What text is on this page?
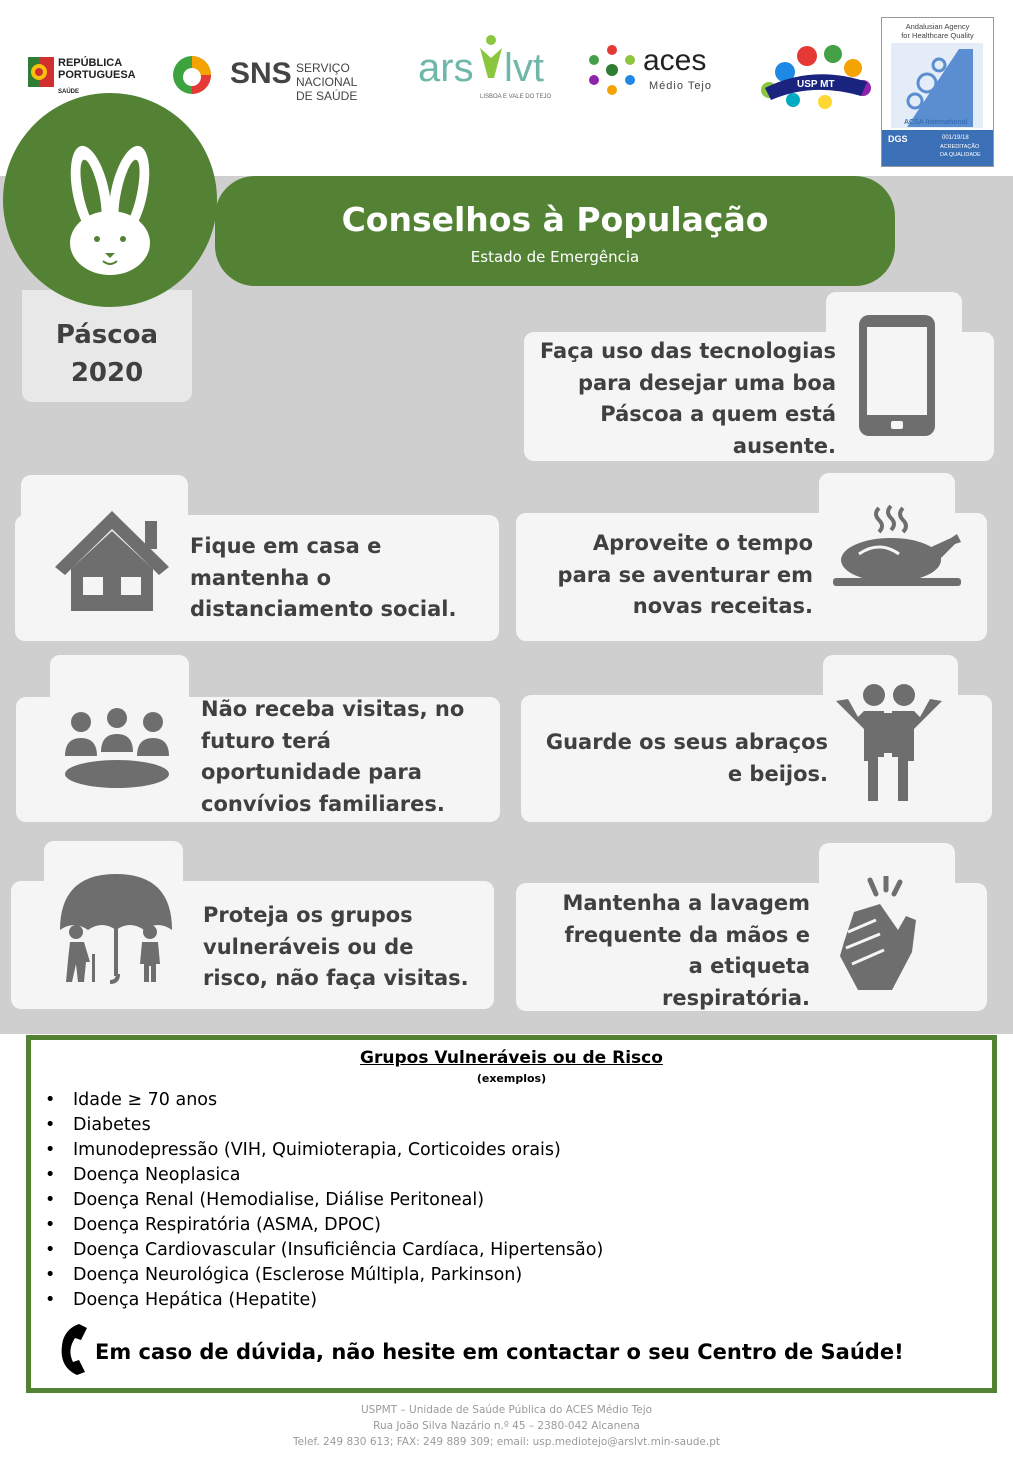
REPÚBLICA
PORTUGUESA
SAÚDE
SNS SERVIÇO NACIONAL
DE SAÚDE
ars lvt
LISBOA E VALE DO TEJO
aces
Médio Tejo	USP MT
Andalusian Agency
for Healthcare Quality
ACSA International
DGS	001/19/18
ACREDITAÇÃO
DA QUALIDADE
Páscoa
2020
Conselhos à População
Estado de Emergência
Faça uso das tecnologias
para desejar uma boa
Páscoa a quem está
ausente.
Fique em casa e
mantenha o
distanciamento social.
Aproveite o tempo
para se aventurar em
novas receitas.
Não receba visitas, no
futuro terá
oportunidade para
convívios familiares.
Guarde os seus abraços
e beijos.
Proteja os grupos
vulneráveis ou de
risco, não faça visitas.
Mantenha a lavagem
frequente da mãos e
a etiqueta
respiratória.
Grupos Vulneráveis ou de Risco
(exemplos)
• Idade ≥ 70 anos
• Diabetes
• Imunodepressão (VIH, Quimioterapia, Corticoides orais)
• Doença Neoplasica
• Doença Renal (Hemodialise, Diálise Peritoneal)
• Doença Respiratória (ASMA, DPOC)
• Doença Cardiovascular (Insuficiência Cardíaca, Hipertensão)
• Doença Neurológica (Esclerose Múltipla, Parkinson)
• Doença Hepática (Hepatite)
Em caso de dúvida, não hesite em contactar o seu Centro de Saúde!
USPMT – Unidade de Saúde Pública do ACES Médio Tejo
Rua João Silva Nazário n.º 45 – 2380-042 Alcanena
Telef. 249 830 613; FAX: 249 889 309; email: usp.mediotejo@arslvt.min-saude.pt
